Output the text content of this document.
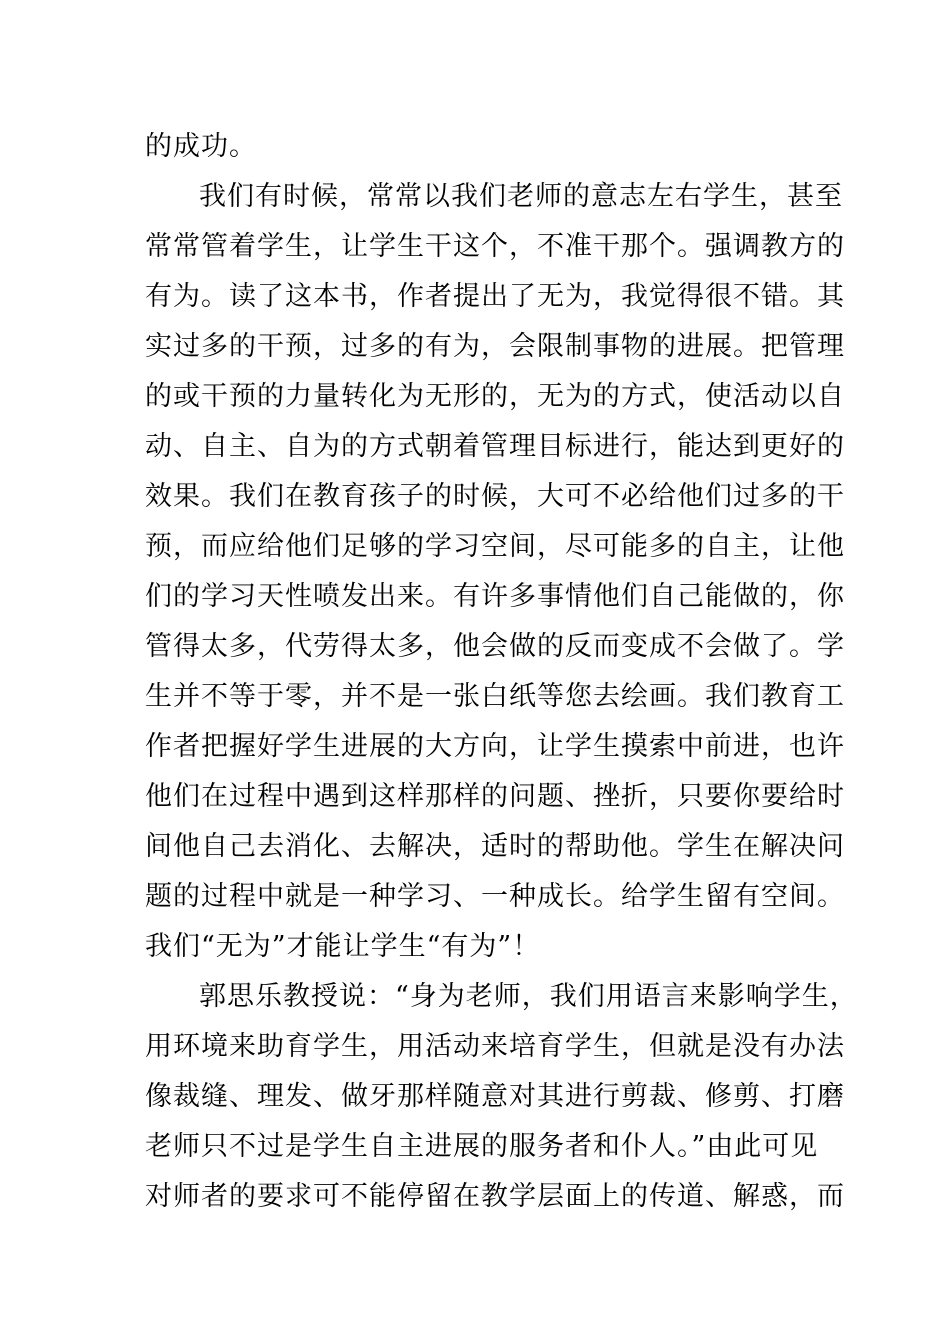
的成功。
我们有时候，常常以我们老师的意志左右学生，甚至
常常管着学生，让学生干这个，不准干那个。强调教方的
有为。读了这本书，作者提出了无为，我觉得很不错。其
实过多的干预，过多的有为，会限制事物的进展。把管理
的或干预的力量转化为无形的，无为的方式，使活动以自
动、自主、自为的方式朝着管理目标进行，能达到更好的
效果。我们在教育孩子的时候，大可不必给他们过多的干
预，而应给他们足够的学习空间，尽可能多的自主，让他
们的学习天性喷发出来。有许多事情他们自己能做的，你
管得太多，代劳得太多，他会做的反而变成不会做了。学
生并不等于零，并不是一张白纸等您去绘画。我们教育工
作者把握好学生进展的大方向，让学生摸索中前进，也许
他们在过程中遇到这样那样的问题、挫折，只要你要给时
间他自己去消化、去解决，适时的帮助他。学生在解决问
题的过程中就是一种学习、一种成长。给学生留有空间。
我们“无为”才能让学生“有为”！
郭思乐教授说：“身为老师，我们用语言来影响学生，
用环境来助育学生，用活动来培育学生，但就是没有办法
像裁缝、理发、做牙那样随意对其进行剪裁、修剪、打磨
老师只不过是学生自主进展的服务者和仆人。”由此可见
对师者的要求可不能停留在教学层面上的传道、解惑，而
